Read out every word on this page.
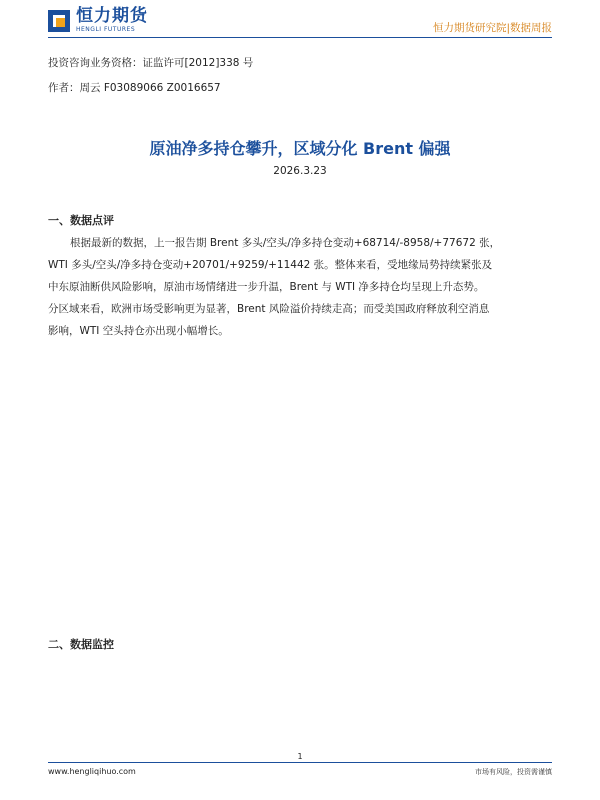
恒力期货
HENGLI FUTURES	恒力期货研究院|数据周报
投资咨询业务资格：证监许可[2012]338 号
作者：周云 F03089066 Z0016657
原油净多持仓攀升，区域分化 Brent 偏强
2026.3.23
一、数据点评

根据最新的数据，上一报告期 Brent 多头/空头/净多持仓变动+68714/-8958/+77672 张，
WTI 多头/空头/净多持仓变动+20701/+9259/+11442 张。整体来看，受地缘局势持续紧张及
中东原油断供风险影响，原油市场情绪进一步升温，Brent 与 WTI 净多持仓均呈现上升态势。
分区域来看，欧洲市场受影响更为显著，Brent 风险溢价持续走高；而受美国政府释放利空消息
影响，WTI 空头持仓亦出现小幅增长。

二、数据监控
1
www.hengliqihuo.com	市场有风险，投资需谨慎
